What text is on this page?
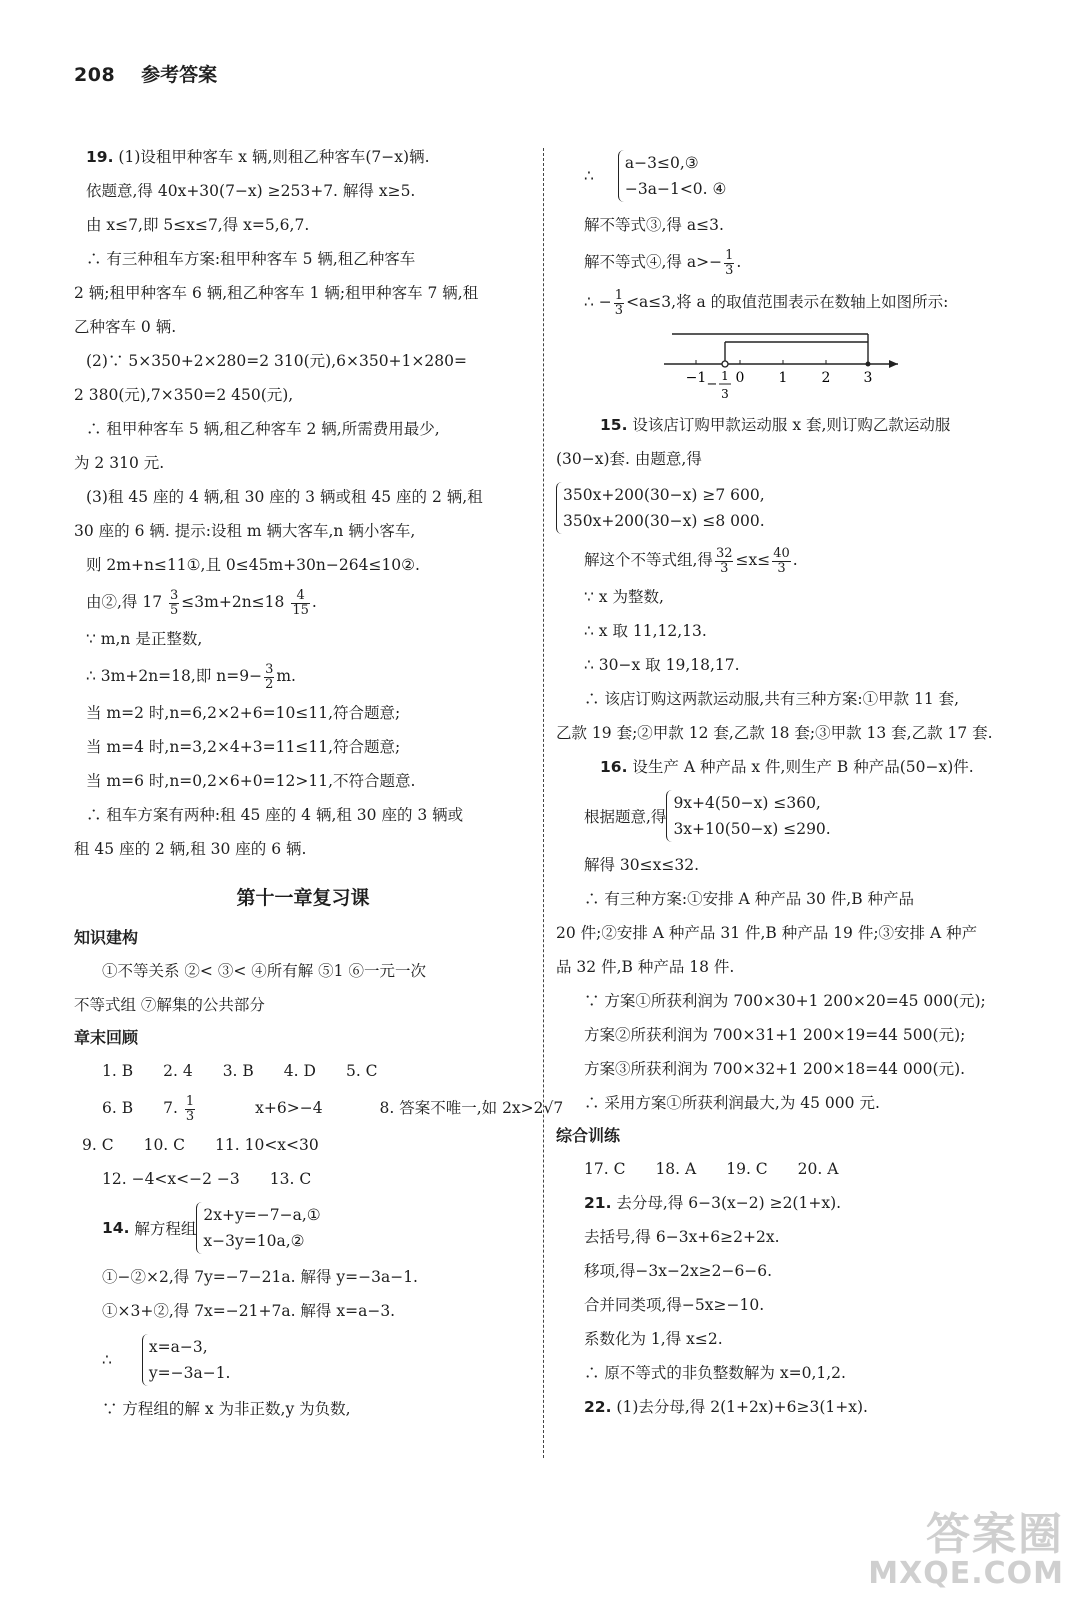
208 参考答案
19. (1)设租甲种客车 x 辆,则租乙种客车(7−x)辆.
依题意,得 40x+30(7−x) ≥253+7. 解得 x≥5.
由 x≤7,即 5≤x≤7,得 x=5,6,7.
∴ 有三种租车方案:租甲种客车 5 辆,租乙种客车
2 辆;租甲种客车 6 辆,租乙种客车 1 辆;租甲种客车 7 辆,租
乙种客车 0 辆.
(2)∵ 5×350+2×280=2 310(元),6×350+1×280=
2 380(元),7×350=2 450(元),
∴ 租甲种客车 5 辆,租乙种客车 2 辆,所需费用最少,
为 2 310 元.
(3)租 45 座的 4 辆,租 30 座的 3 辆或租 45 座的 2 辆,租
30 座的 6 辆. 提示:设租 m 辆大客车,n 辆小客车,
则 2m+n≤11①,且 0≤45m+30n−264≤10②.
由②,得 $17 \frac{3}{5} \le 3m+2n\le 18 \frac{4}{15}$ .
∵ m,n 是正整数,
∴ 3m+2n=18,即 $n=9- \frac{3}{2} m$.
当 m=2 时,n=6,2×2+6=10≤11,符合题意;
当 m=4 时,n=3,2×4+3=11≤11,符合题意;
当 m=6 时,n=0,2×6+0=12>11,不符合题意.
∴ 租车方案有两种:租 45 座的 4 辆,租 30 座的 3 辆或
租 45 座的 2 辆,租 30 座的 6 辆.
第十一章复习课
知识建构
①不等关系 ②< ③< ④所有解 ⑤1 ⑥一元一次
不等式组 ⑦解集的公共部分
章末回顾
1. B 2. 4 3. B 4. D 5. C
6. B 7. $\frac{1}{3} x+6>-4$	8. 答案不唯一,如 2x>2√7
9. C 10. C 11. 10<x<30
12. −4<x<−2 −3 13. C
14.
解方程组
2x+y=−7−a,①
x−3y=10a,②
①−②×2,得 7y=−7−21a. 解得 y=−3a−1.
①×3+②,得 7x=−21+7a. 解得 x=a−3.
∴
x=a−3,
y=−3a−1.
∵ 方程组的解 x 为非正数,y 为负数,
∴
a−3≤0,③
−3a−1<0. ④
解不等式③,得 a≤3.
解不等式④,得 $a>- \frac{1}{3}$ .
∴ − $\frac{1}{3} <a\le 3$,将 a 的取值范围表示在数轴上如图所示:
−1 0 1 2 3
−
1
3
15. 设该店订购甲款运动服 x 套,则订购乙款运动服
(30−x)套. 由题意,得
350x+200(30−x) ≥7 600,
350x+200(30−x) ≤8 000.
解这个不等式组,得 $\frac{32}{3} \le x\le \frac{40}{3}$ .
∵ x 为整数,
∴ x 取 11,12,13.
∴ 30−x 取 19,18,17.
∴ 该店订购这两款运动服,共有三种方案:①甲款 11 套,
乙款 19 套;②甲款 12 套,乙款 18 套;③甲款 13 套,乙款 17 套.
16. 设生产 A 种产品 x 件,则生产 B 种产品(50−x)件.
根据题意,得
9x+4(50−x) ≤360,
3x+10(50−x) ≤290.
解得 30≤x≤32.
∴ 有三种方案:①安排 A 种产品 30 件,B 种产品
20 件;②安排 A 种产品 31 件,B 种产品 19 件;③安排 A 种产
品 32 件,B 种产品 18 件.
∵ 方案①所获利润为 700×30+1 200×20=45 000(元);
方案②所获利润为 700×31+1 200×19=44 500(元);
方案③所获利润为 700×32+1 200×18=44 000(元).
∴ 采用方案①所获利润最大,为 45 000 元.
综合训练
17. C 18. A 19. C 20. A
21. 去分母,得 6−3(x−2) ≥2(1+x).
去括号,得 6−3x+6≥2+2x.
移项,得−3x−2x≥2−6−6.
合并同类项,得−5x≥−10.
系数化为 1,得 x≤2.
∴ 原不等式的非负整数解为 x=0,1,2.
22. (1)去分母,得 2(1+2x)+6≥3(1+x).
答案圈
MXQE.COM
